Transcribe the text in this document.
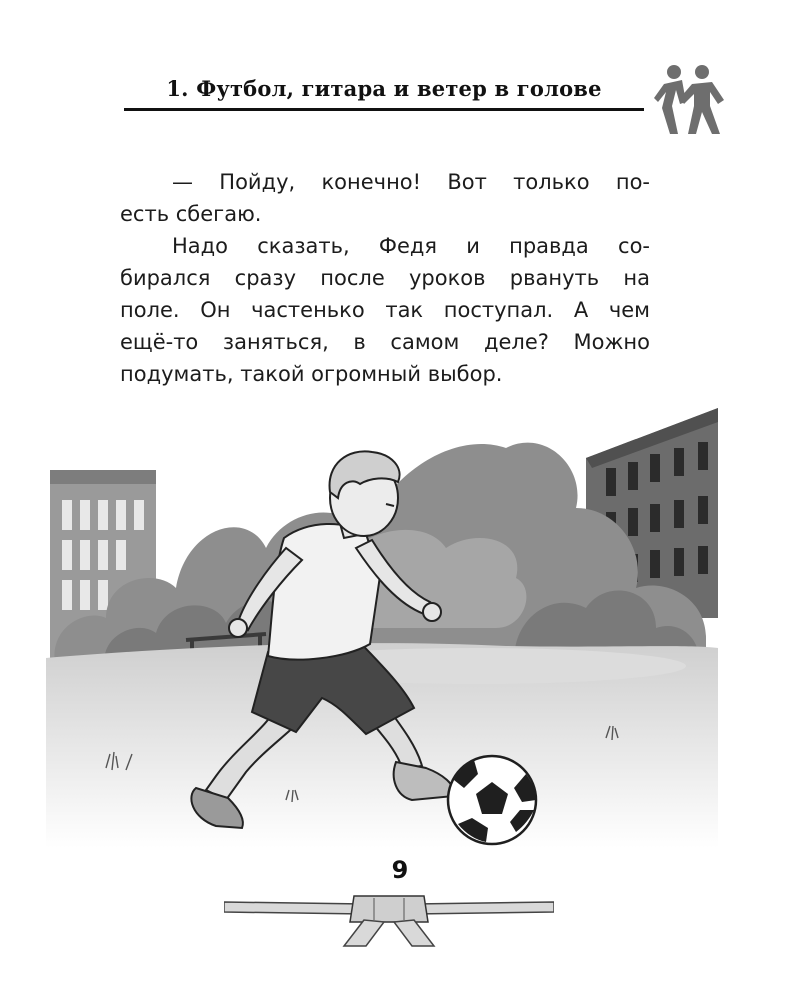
1. Футбол, гитара и ветер в голове

— Пойду, конечно! Вот только по-
есть сбегаю.

Надо сказать, Федя и правда со-
бирался сразу после уроков рвануть на
поле. Он частенько так поступал. А чем
ещё-то заняться, в самом деле? Можно
подумать, такой огромный выбор.

9
